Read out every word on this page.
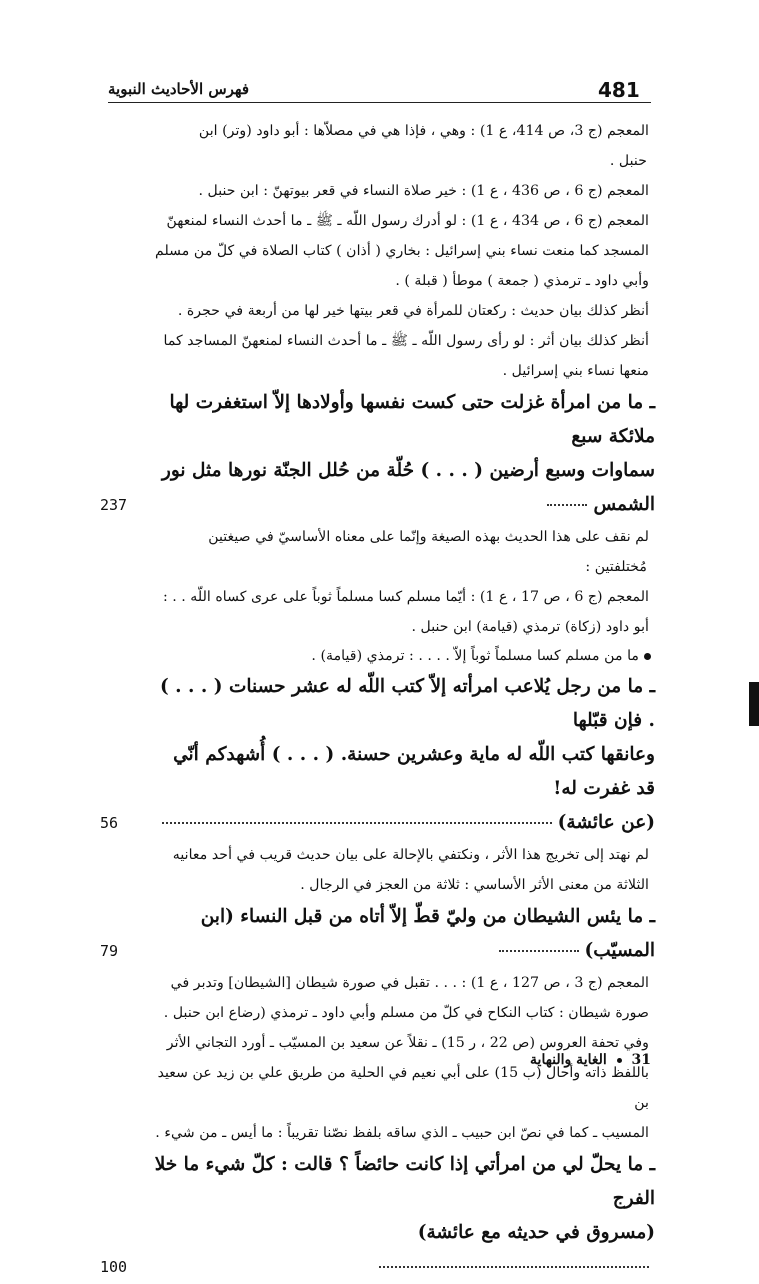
481
فهرس الأحاديث النبوية
المعجم (ج 3، ص 414، ع 1) : وهي ، فإذا هي في مصلاّها : أبو داود (وتر) ابن
حنبل .
المعجم (ج 6 ، ص 436 ، ع 1) : خير صلاة النساء في قعر بيوتهنّ : ابن حنبل .
المعجم (ج 6 ، ص 434 ، ع 1) : لو أدرك رسول اللّه ـ ﷺ ـ ما أحدث النساء لمنعهنّ
المسجد كما منعت نساء بني إسرائيل : بخاري ( أذان ) كتاب الصلاة في كلّ من مسلم
وأبي داود ـ ترمذي ( جمعة ) موطأ ( قبلة ) .
أنظر كذلك بيان حديث : ركعتان للمرأة في قعر بيتها خير لها من أربعة في حجرة .
أنظر كذلك بيان أثر : لو رأى رسول اللّه ـ ﷺ ـ ما أحدث النساء لمنعهنّ المساجد كما
منعها نساء بني إسرائيل .
ـ ما من امرأة غزلت حتى كست نفسها وأولادها إلاّ استغفرت لها ملائكة سبع
سماوات وسبع أرضين ( . . . ) حُلّة من حُلل الجنّة نورها مثل نور الشمس
237
لم نقف على هذا الحديث بهذه الصيغة وإنّما على معناه الأساسيّ في صيغتين
مُختلفتين :
المعجم (ج 6 ، ص 17 ، ع 1) : أيّما مسلم كسا مسلماً ثوباً على عرى كساه اللّه . . :
أبو داود (زكاة) ترمذي (قيامة) ابن حنبل .
ما من مسلم كسا مسلماً ثوباً إلاّ . . . . : ترمذي (قيامة) .
ـ ما من رجل يُلاعب امرأته إلاّ كتب اللّه له عشر حسنات ( . . . ) . فإن قبّلها
وعانقها كتب اللّه له ماية وعشرين حسنة. ( . . . ) أُشهدكم أنّي قد غفرت له!
(عن عائشة)
56
لم نهتد إلى تخريج هذا الأثر ، ونكتفي بالإحالة على بيان حديث قريب في أحد معانيه
الثلاثة من معنى الأثر الأساسي : ثلاثة من العجز في الرجال .
ـ ما يئس الشيطان من وليّ قطّ إلاّ أتاه من قبل النساء (ابن المسيّب)
79
المعجم (ج 3 ، ص 127 ، ع 1) : . . . تقبل في صورة شيطان [الشيطان] وتدبر في
صورة شيطان : كتاب النكاح في كلّ من مسلم وأبي داود ـ ترمذي (رضاع ابن حنبل .
وفي تحفة العروس (ص 22 ، ر 15) ـ نقلاً عن سعيد بن المسيّب ـ أورد التجاني الأثر
باللفظ ذاته وأحال (ب 15) على أبي نعيم في الحلية من طريق علي بن زيد عن سعيد بن
المسيب ـ كما في نصّ ابن حبيب ـ الذي ساقه بلفظ نصّنا تقريباً : ما أيس ـ من شيء .
ـ ما يحلّ لي من امرأتي إذا كانت حائضاً ؟ قالت : كلّ شيء ما خلا الفرج
(مسروق في حديثه مع عائشة)
100
31  الغاية والنهاية
